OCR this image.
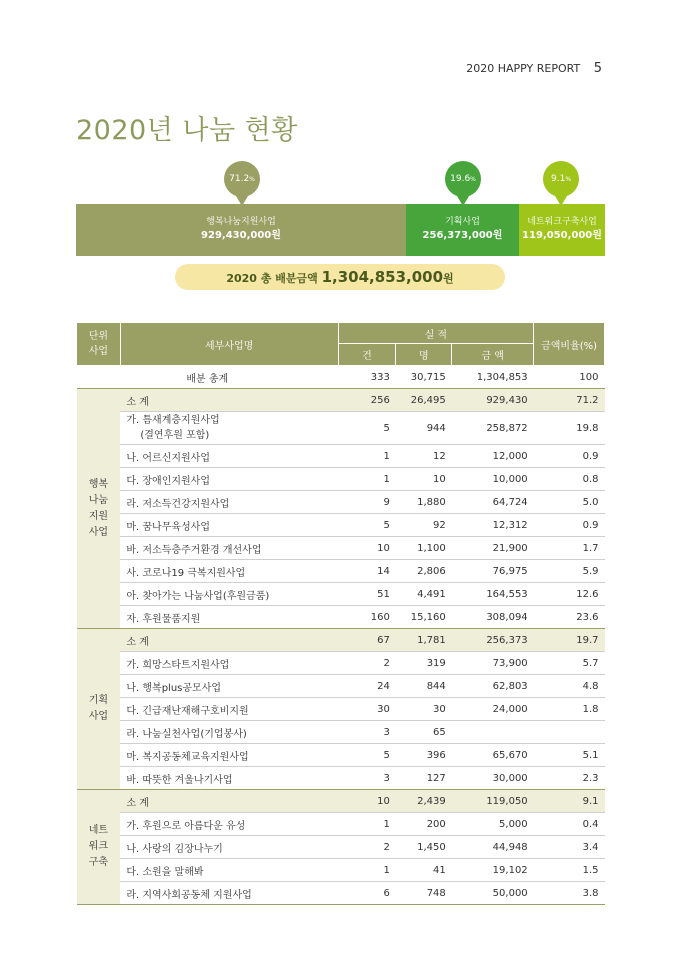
2020 HAPPY REPORT 5
2020년 나눔 현황
71.2%	19.6%	9.1%
행복나눔지원사업
929,430,000원
기획사업
256,373,000원
네트워크구축사업
119,050,000원
2020 총 배분금액 1,304,853,000원
단위
사업	세부사업명	실 적			금액비율(%)
		건	명	금 액	
배분 총계		333	30,715	1,304,853	100

행복
나눔
지원
사업	소 계	256	26,495	929,430	71.2

	가. 틈새계층지원사업
(결연후원 포함)	5	944	258,872	19.8
	나. 어르신지원사업	1	12	12,000	0.9
	다. 장애인지원사업	1	10	10,000	0.8
	라. 저소득건강지원사업	9	1,880	64,724	5.0
	마. 꿈나무육성사업	5	92	12,312	0.9
	바. 저소득층주거환경 개선사업	10	1,100	21,900	1.7
	사. 코로나19 극복지원사업	14	2,806	76,975	5.9
	아. 찾아가는 나눔사업(후원금품)	51	4,491	164,553	12.6
	자. 후원물품지원	160	15,160	308,094	23.6

기획
사업	소 계	67	1,781	256,373	19.7
	가. 희망스타트지원사업	2	319	73,900	5.7
	나. 행복plus공모사업	24	844	62,803	4.8
	다. 긴급재난재해구호비지원	30	30	24,000	1.8
	라. 나눔실천사업(기업봉사)	3	65		
	마. 복지공동체교육지원사업	5	396	65,670	5.1
	바. 따뜻한 겨울나기사업	3	127	30,000	2.3

네트
워크
구축	소 계	10	2,439	119,050	9.1
	가. 후원으로 아름다운 유성	1	200	5,000	0.4
	나. 사랑의 김장나누기	2	1,450	44,948	3.4
	다. 소원을 말해봐	1	41	19,102	1.5
	라. 지역사회공동체 지원사업	6	748	50,000	3.8
